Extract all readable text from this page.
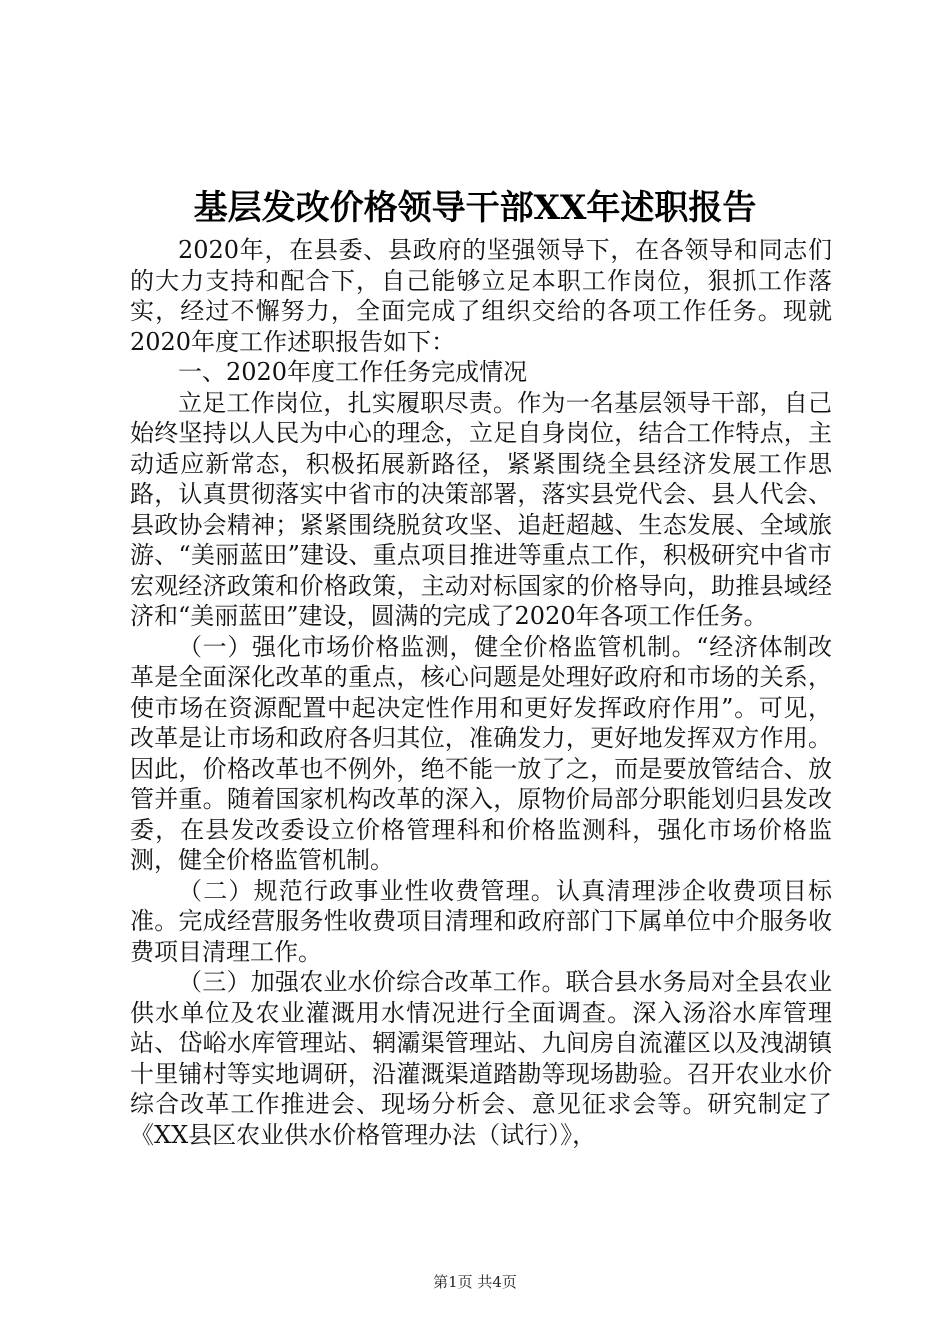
基层发改价格领导干部XX年述职报告

2020年，在县委、县政府的坚强领导下，在各领导和同志们的大力支持和配合下，自己能够立足本职工作岗位，狠抓工作落实，经过不懈努力，全面完成了组织交给的各项工作任务。现就2020年度工作述职报告如下：

一、2020年度工作任务完成情况

立足工作岗位，扎实履职尽责。作为一名基层领导干部，自己始终坚持以人民为中心的理念，立足自身岗位，结合工作特点，主动适应新常态，积极拓展新路径，紧紧围绕全县经济发展工作思路，认真贯彻落实中省市的决策部署，落实县党代会、县人代会、县政协会精神；紧紧围绕脱贫攻坚、追赶超越、生态发展、全域旅游、“美丽蓝田”建设、重点项目推进等重点工作，积极研究中省市宏观经济政策和价格政策，主动对标国家的价格导向，助推县域经济和“美丽蓝田”建设，圆满的完成了2020年各项工作任务。

（一）强化市场价格监测，健全价格监管机制。“经济体制改革是全面深化改革的重点，核心问题是处理好政府和市场的关系，使市场在资源配置中起决定性作用和更好发挥政府作用”。可见，改革是让市场和政府各归其位，准确发力，更好地发挥双方作用。因此，价格改革也不例外，绝不能一放了之，而是要放管结合、放管并重。随着国家机构改革的深入，原物价局部分职能划归县发改委，在县发改委设立价格管理科和价格监测科，强化市场价格监测，健全价格监管机制。

（二）规范行政事业性收费管理。认真清理涉企收费项目标准。完成经营服务性收费项目清理和政府部门下属单位中介服务收费项目清理工作。

（三）加强农业水价综合改革工作。联合县水务局对全县农业供水单位及农业灌溉用水情况进行全面调查。深入汤浴水库管理站、岱峪水库管理站、辋灞渠管理站、九间房自流灌区以及洩湖镇十里铺村等实地调研，沿灌溉渠道踏勘等现场勘验。召开农业水价综合改革工作推进会、现场分析会、意见征求会等。研究制定了《XX县区农业供水价格管理办法（试行）》，

第1页 共4页
